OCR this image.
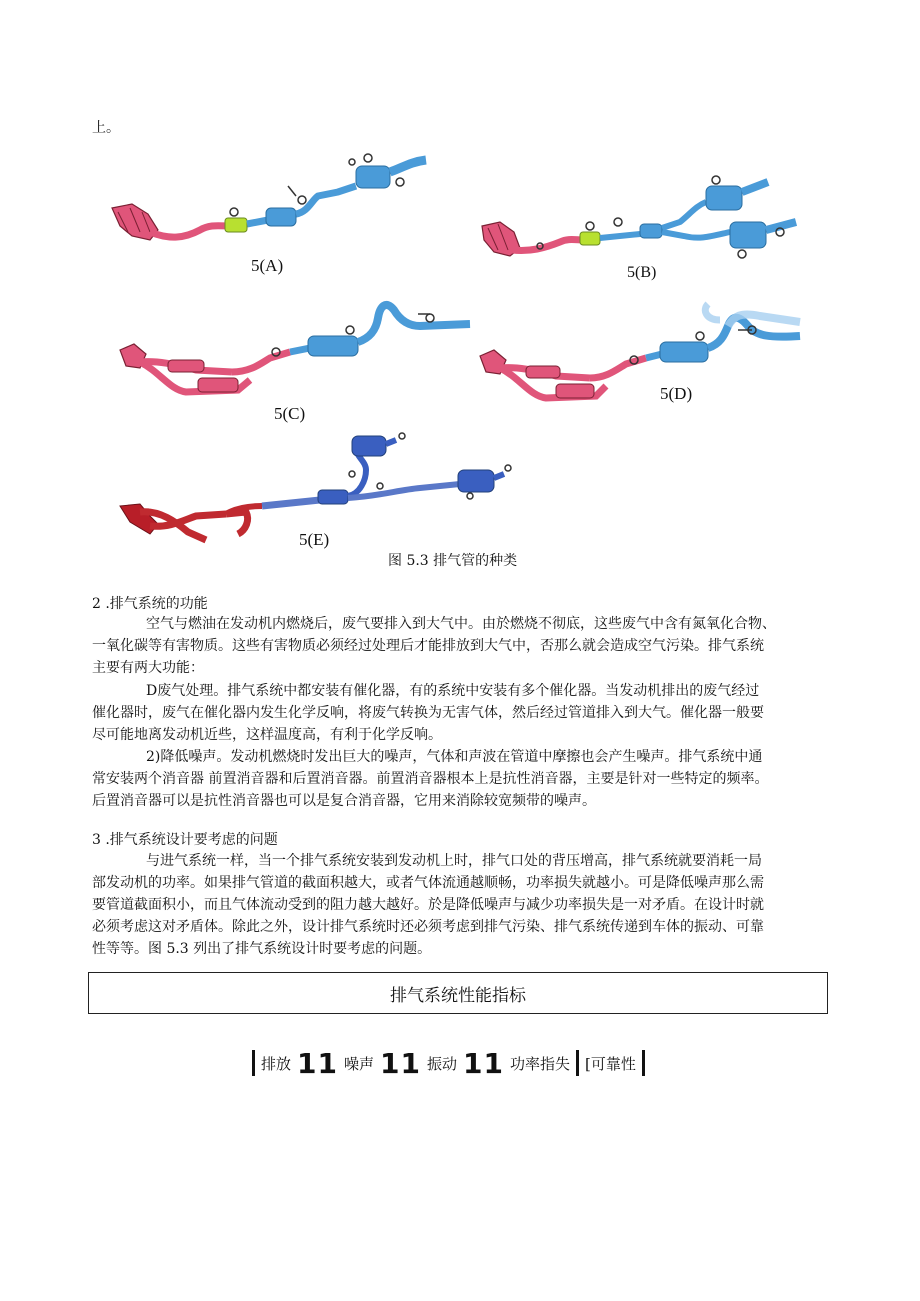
上。
5(A)	5(B)
5(C)
5(D)
5(E)
图 5.3 排气管的种类
2 .排气系统的功能
空气与燃油在发动机内燃烧后，废气要排入到大气中。由於燃烧不彻底，这些废气中含有氮氧化合物、
一氧化碳等有害物质。这些有害物质必须经过处理后才能排放到大气中，否那么就会造成空气污染。排气系统
主要有两大功能：
D废气处理。排气系统中都安装有催化器，有的系统中安装有多个催化器。当发动机排出的废气经过
催化器时，废气在催化器内发生化学反响，将废气转换为无害气体，然后经过管道排入到大气。催化器一般要
尽可能地离发动机近些，这样温度高，有利于化学反响。
2)降低噪声。发动机燃烧时发出巨大的噪声，气体和声波在管道中摩擦也会产生噪声。排气系统中通
常安装两个消音器 前置消音器和后置消音器。前置消音器根本上是抗性消音器，主要是针对一些特定的频率。
后置消音器可以是抗性消音器也可以是复合消音器，它用来消除较宽频带的噪声。
3 .排气系统设计要考虑的问题
与进气系统一样，当一个排气系统安装到发动机上时，排气口处的背压增高，排气系统就要消耗一局
部发动机的功率。如果排气管道的截面积越大，或者气体流通越顺畅，功率损失就越小。可是降低噪声那么需
要管道截面积小，而且气体流动受到的阻力越大越好。於是降低噪声与减少功率损失是一对矛盾。在设计时就
必须考虑这对矛盾体。除此之外，设计排气系统时还必须考虑到排气污染、排气系统传递到车体的振动、可靠
性等等。图 5.3 列出了排气系统设计时要考虑的问题。
排气系统性能指标
排放 11 噪声 11 振动 11 功率指失 [可靠性
